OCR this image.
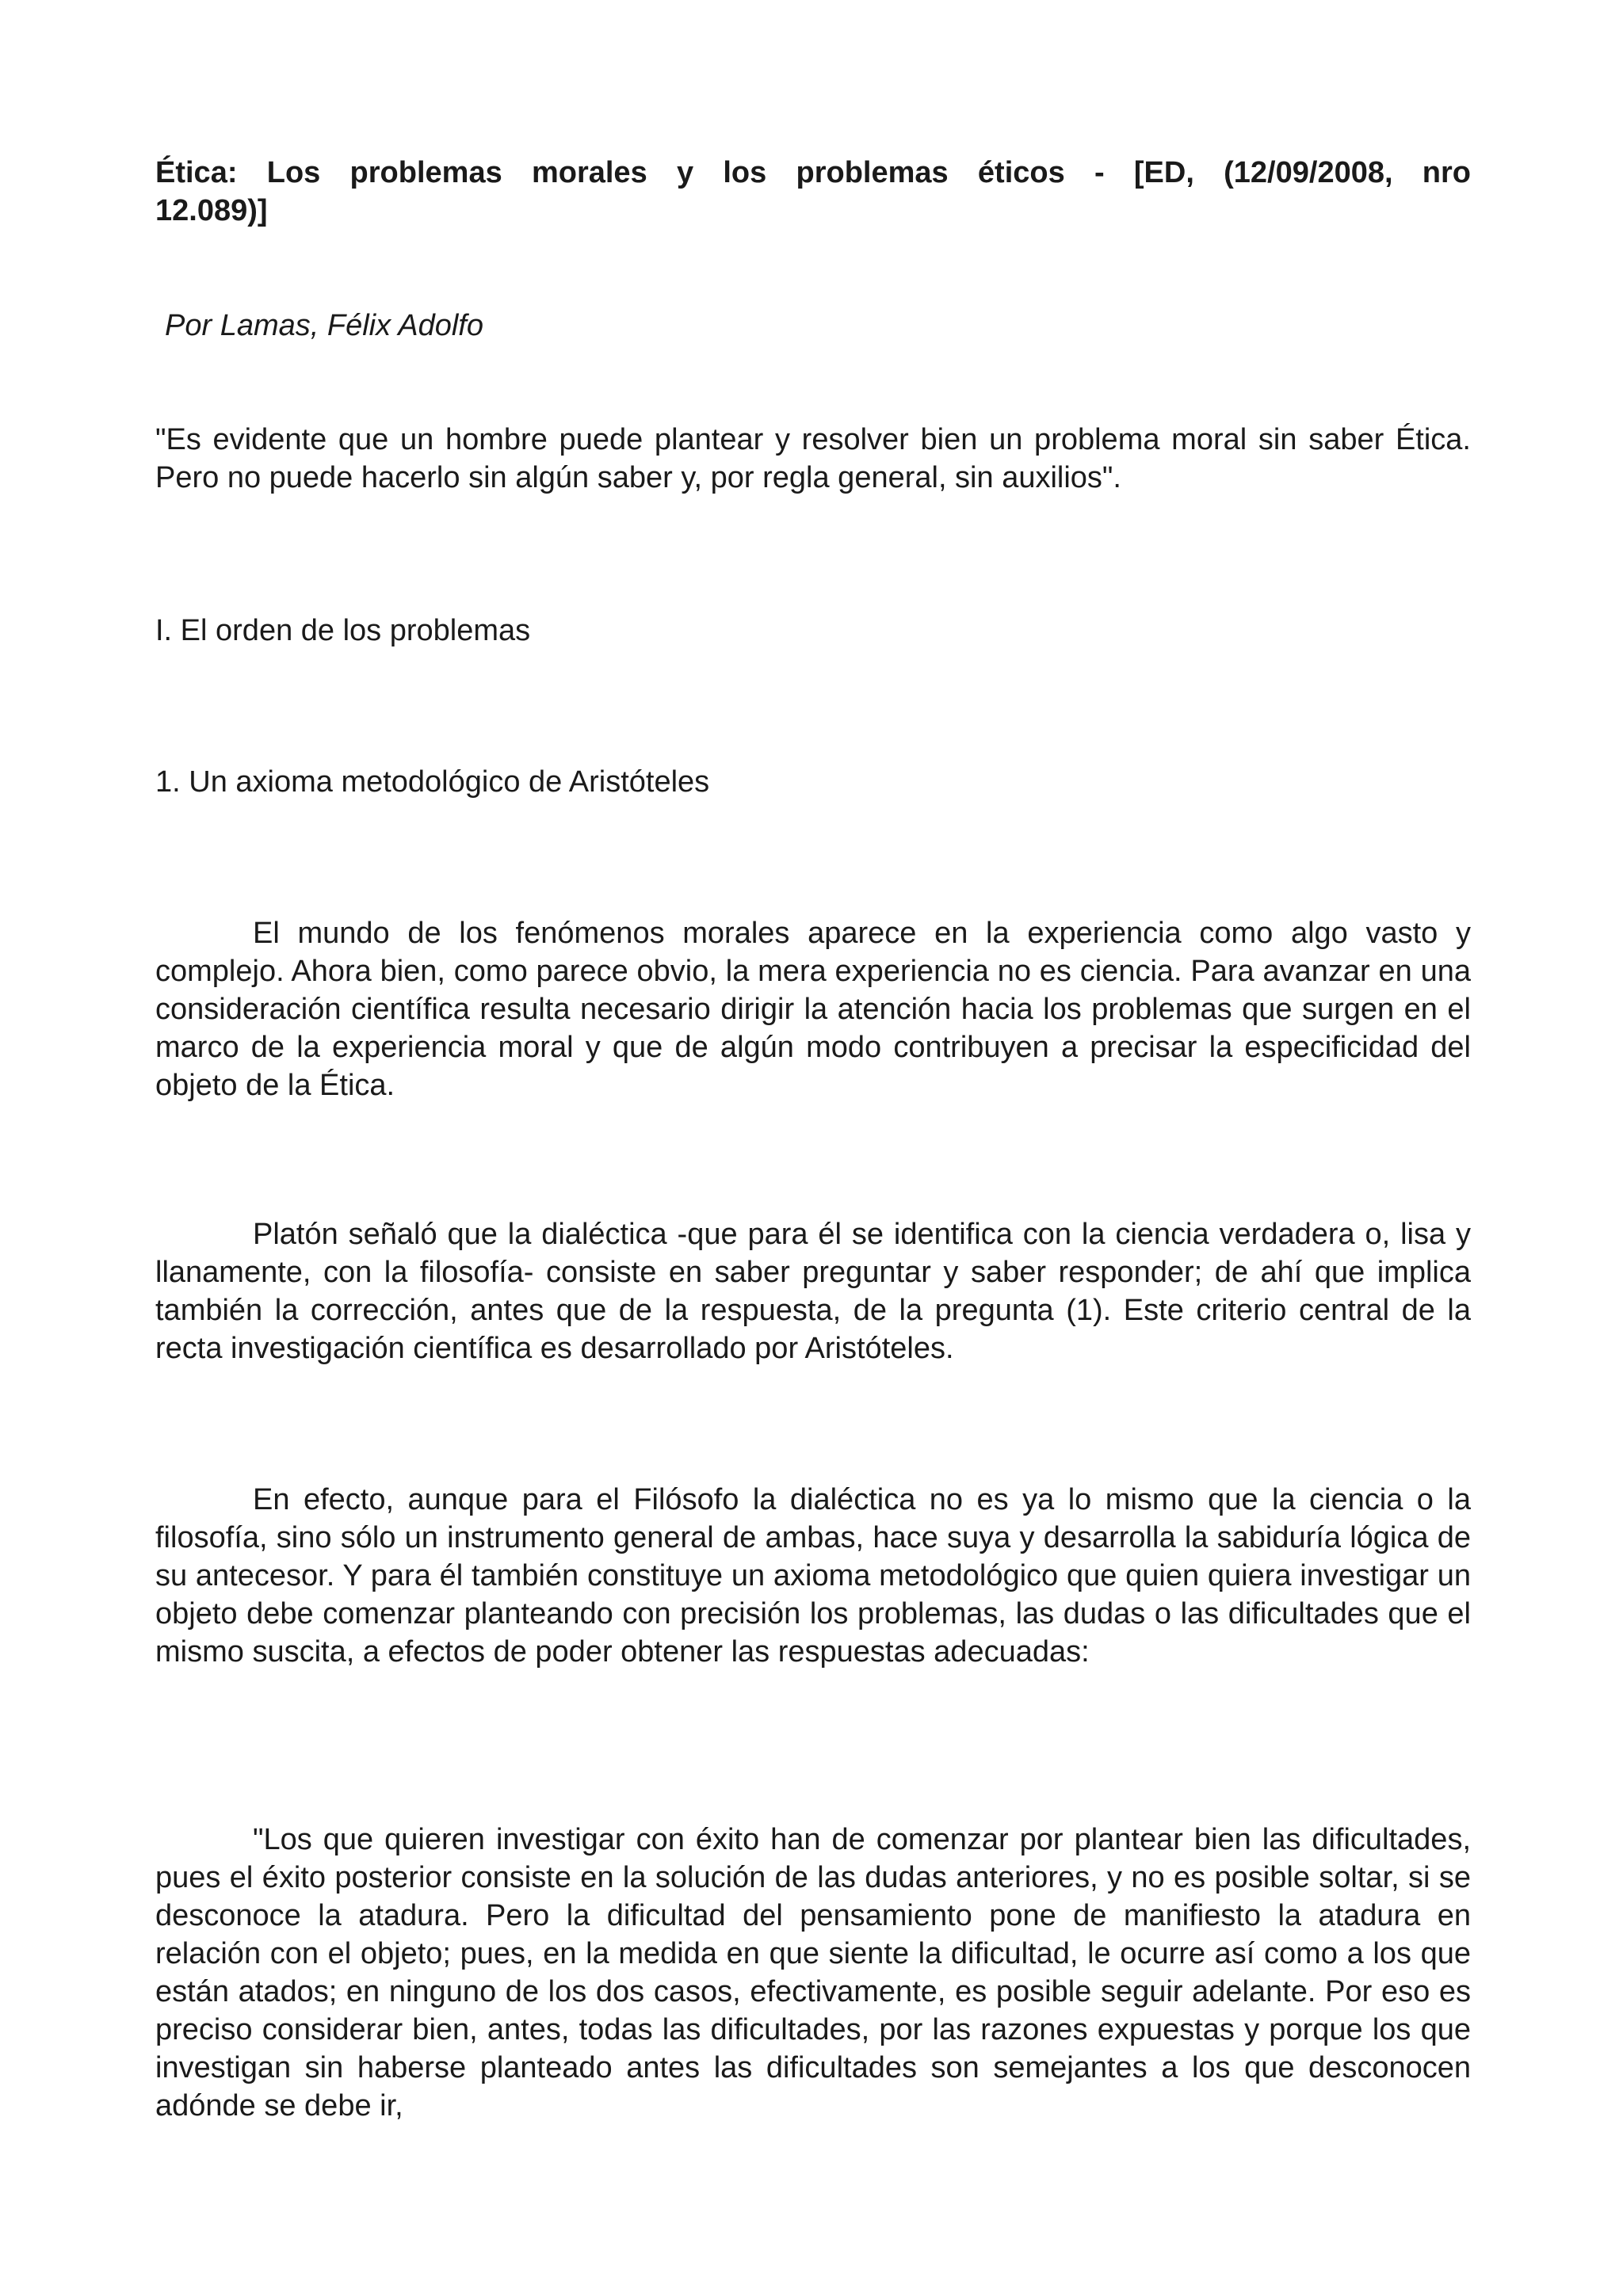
Ética: Los problemas morales y los problemas éticos - [ED, (12/09/2008, nro 12.089)]

Por Lamas, Félix Adolfo

"Es evidente que un hombre puede plantear y resolver bien un problema moral sin saber Ética. Pero no puede hacerlo sin algún saber y, por regla general, sin auxilios".

I. El orden de los problemas

1. Un axioma metodológico de Aristóteles

El mundo de los fenómenos morales aparece en la experiencia como algo vasto y complejo. Ahora bien, como parece obvio, la mera experiencia no es ciencia. Para avanzar en una consideración científica resulta necesario dirigir la atención hacia los problemas que surgen en el marco de la experiencia moral y que de algún modo contribuyen a precisar la especificidad del objeto de la Ética.

Platón señaló que la dialéctica -que para él se identifica con la ciencia verdadera o, lisa y llanamente, con la filosofía- consiste en saber preguntar y saber responder; de ahí que implica también la corrección, antes que de la respuesta, de la pregunta (1). Este criterio central de la recta investigación científica es desarrollado por Aristóteles.

En efecto, aunque para el Filósofo la dialéctica no es ya lo mismo que la ciencia o la filosofía, sino sólo un instrumento general de ambas, hace suya y desarrolla la sabiduría lógica de su antecesor. Y para él también constituye un axioma metodológico que quien quiera investigar un objeto debe comenzar planteando con precisión los problemas, las dudas o las dificultades que el mismo suscita, a efectos de poder obtener las respuestas adecuadas:

"Los que quieren investigar con éxito han de comenzar por plantear bien las dificultades, pues el éxito posterior consiste en la solución de las dudas anteriores, y no es posible soltar, si se desconoce la atadura. Pero la dificultad del pensamiento pone de manifiesto la atadura en relación con el objeto; pues, en la medida en que siente la dificultad, le ocurre así como a los que están atados; en ninguno de los dos casos, efectivamente, es posible seguir adelante. Por eso es preciso considerar bien, antes, todas las dificultades, por las razones expuestas y porque los que investigan sin haberse planteado antes las dificultades son semejantes a los que desconocen adónde se debe ir,
